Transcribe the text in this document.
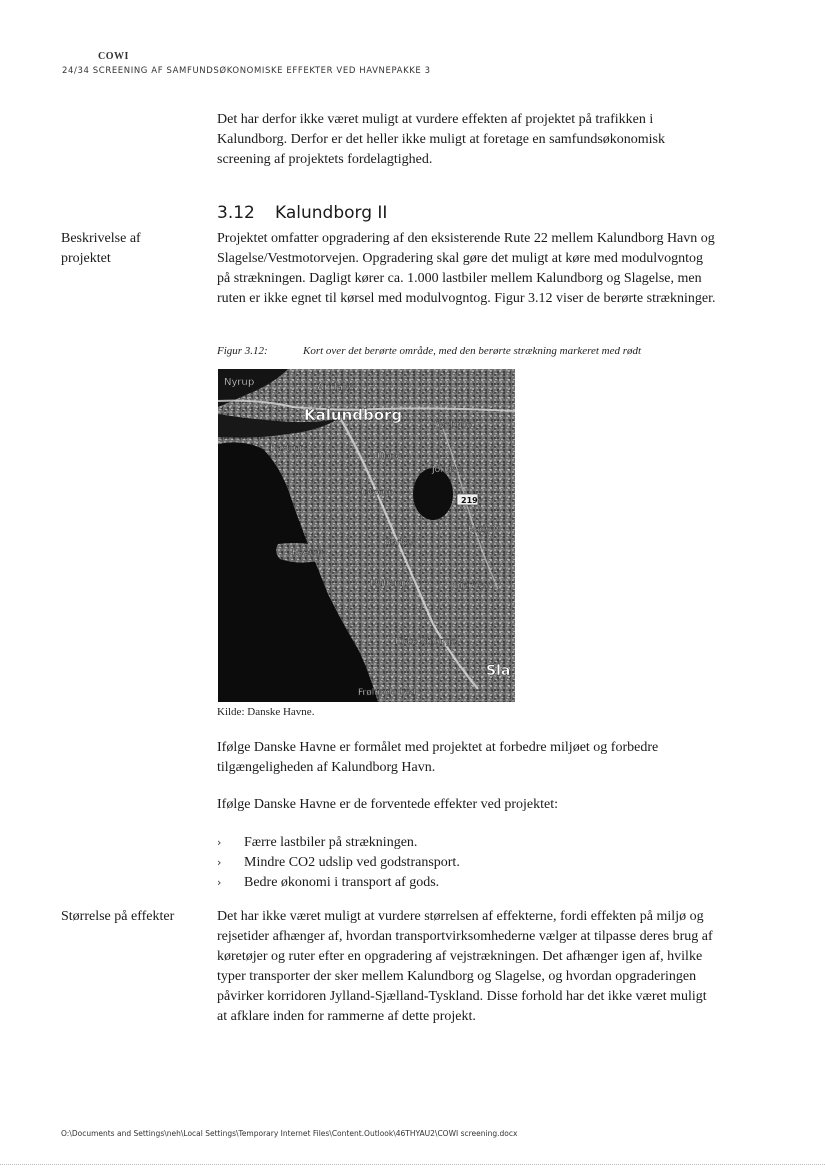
COWI
24/34 SCREENING AF SAMFUNDSØKONOMISKE EFFEKTER VED HAVNEPAKKE 3

Det har derfor ikke været muligt at vurdere effekten af projektet på trafikken i Kalundborg. Derfor er det heller ikke muligt at foretage en samfundsøkonomisk screening af projektets fordelagtighed.

3.12 Kalundborg II
Beskrivelse af projektet

Projektet omfatter opgradering af den eksisterende Rute 22 mellem Kalundborg Havn og Slagelse/Vestmotorvejen. Opgradering skal gøre det muligt at køre med modulvogntog på strækningen. Dagligt kører ca. 1.000 lastbiler mellem Kalundborg og Slagelse, men ruten er ikke egnet til kørsel med modulvogntog. Figur 3.12 viser de berørte strækninger.

Figur 3.12:	Kort over det berørte område, med den berørte strækning markeret med rødt
Nyrup	Andaks
Kalundborg
Svebølle
Bastrup
Ubby
Jorløse
Interup
219
Ruds V
Gørlev
Reersø
Mullerup	Gierslev
Kirke Stillinge
Sla
Frølunde Fed
Kilde: Danske Havne.

Ifølge Danske Havne er formålet med projektet at forbedre miljøet og forbedre tilgængeligheden af Kalundborg Havn.

Ifølge Danske Havne er de forventede effekter ved projektet:

› Færre lastbiler på strækningen.
› Mindre CO2 udslip ved godstransport.
› Bedre økonomi i transport af gods.
Størrelse på effekter	Det har ikke været muligt at vurdere størrelsen af effekterne, fordi effekten på miljø og rejsetider afhænger af, hvordan transportvirksomhederne vælger at tilpasse deres brug af køretøjer og ruter efter en opgradering af vejstrækningen. Det afhænger igen af, hvilke typer transporter der sker mellem Kalundborg og Slagelse, og hvordan opgraderingen påvirker korridoren Jylland-Sjælland-Tyskland. Disse forhold har det ikke været muligt at afklare inden for rammerne af dette projekt.

O:\Documents and Settings\neh\Local Settings\Temporary Internet Files\Content.Outlook\46THYAU2\COWI screening.docx
